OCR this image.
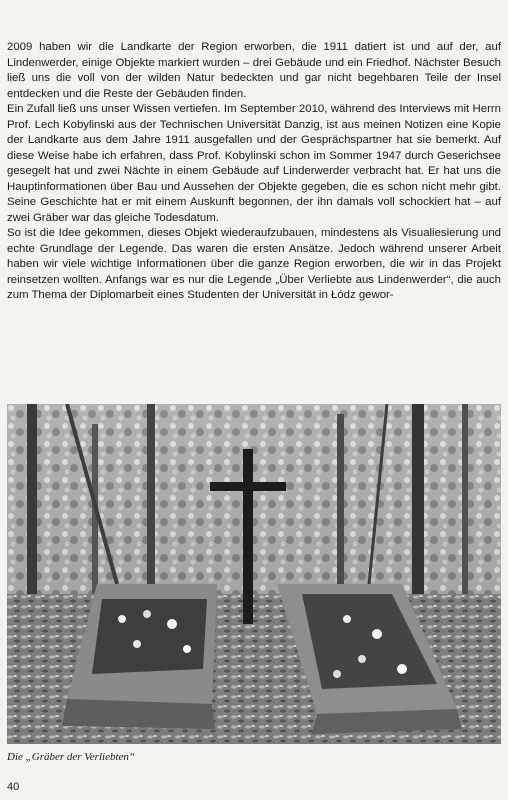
2009 haben wir die Landkarte der Region erworben, die 1911 datiert ist und auf der, auf Lindenwerder, einige Objekte markiert wurden – drei Gebäude und ein Friedhof. Nächster Besuch ließ uns die voll von der wilden Natur bedeckten und gar nicht begehbaren Teile der Insel entdecken und die Reste der Gebäuden finden.

Ein Zufall ließ uns unser Wissen vertiefen. Im September 2010, während des Interviews mit Herrn Prof. Lech Kobylinski aus der Technischen Universität Danzig, ist aus meinen Notizen eine Kopie der Landkarte aus dem Jahre 1911 ausgefallen und der Gesprächspartner hat sie bemerkt. Auf diese Weise habe ich erfahren, dass Prof. Kobylinski schon im Sommer 1947 durch Geserichsee gesegelt hat und zwei Nächte in einem Gebäude auf Linderwerder verbracht hat. Er hat uns die Hauptinformationen über Bau und Aussehen der Objekte gegeben, die es schon nicht mehr gibt. Seine Geschichte hat er mit einem Auskunft begonnen, der ihn damals voll schockiert hat – auf zwei Gräber war das gleiche Todesdatum.

So ist die Idee gekommen, dieses Objekt wiederaufzubauen, mindestens als Visualiesierung und echte Grundlage der Legende. Das waren die ersten Ansätze. Jedoch während unserer Arbeit haben wir viele wichtige Informationen über die ganze Region erworben, die wir in das Projekt reinsetzen wollten. Anfangs war es nur die Legende „Über Verliebte aus Lindenwerder“, die auch zum Thema der Diplomarbeit eines Studenten der Universität in Łódz gewor-

Die „Gräber der Verliebten“
40
